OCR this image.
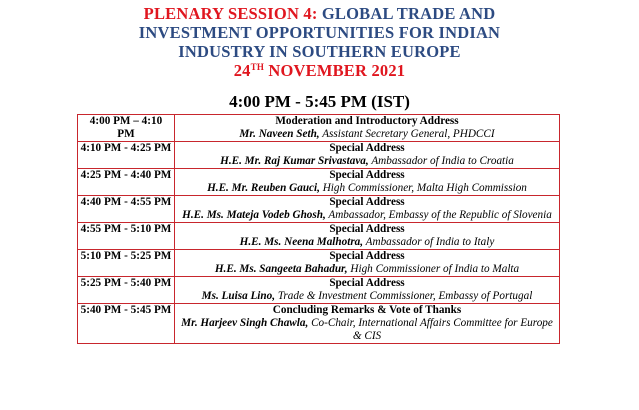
PLENARY SESSION 4: GLOBAL TRADE AND
INVESTMENT OPPORTUNITIES FOR INDIAN
INDUSTRY IN SOUTHERN EUROPE
24TH NOVEMBER 2021
4:00 PM - 5:45 PM (IST)
4:00 PM – 4:10 PM	Moderation and Introductory Address
Mr. Naveen Seth, Assistant Secretary General, PHDCCI
4:10 PM - 4:25 PM	Special Address
H.E. Mr. Raj Kumar Srivastava, Ambassador of India to Croatia
4:25 PM - 4:40 PM	Special Address
H.E. Mr. Reuben Gauci, High Commissioner, Malta High Commission
4:40 PM - 4:55 PM	Special Address
H.E. Ms. Mateja Vodeb Ghosh, Ambassador, Embassy of the Republic of Slovenia
4:55 PM - 5:10 PM	Special Address
H.E. Ms. Neena Malhotra, Ambassador of India to Italy
5:10 PM - 5:25 PM	Special Address
H.E. Ms. Sangeeta Bahadur, High Commissioner of India to Malta
5:25 PM - 5:40 PM	Special Address
Ms. Luisa Lino, Trade & Investment Commissioner, Embassy of Portugal
5:40 PM - 5:45 PM	Concluding Remarks & Vote of Thanks
Mr. Harjeev Singh Chawla, Co-Chair, International Affairs Committee for Europe & CIS
